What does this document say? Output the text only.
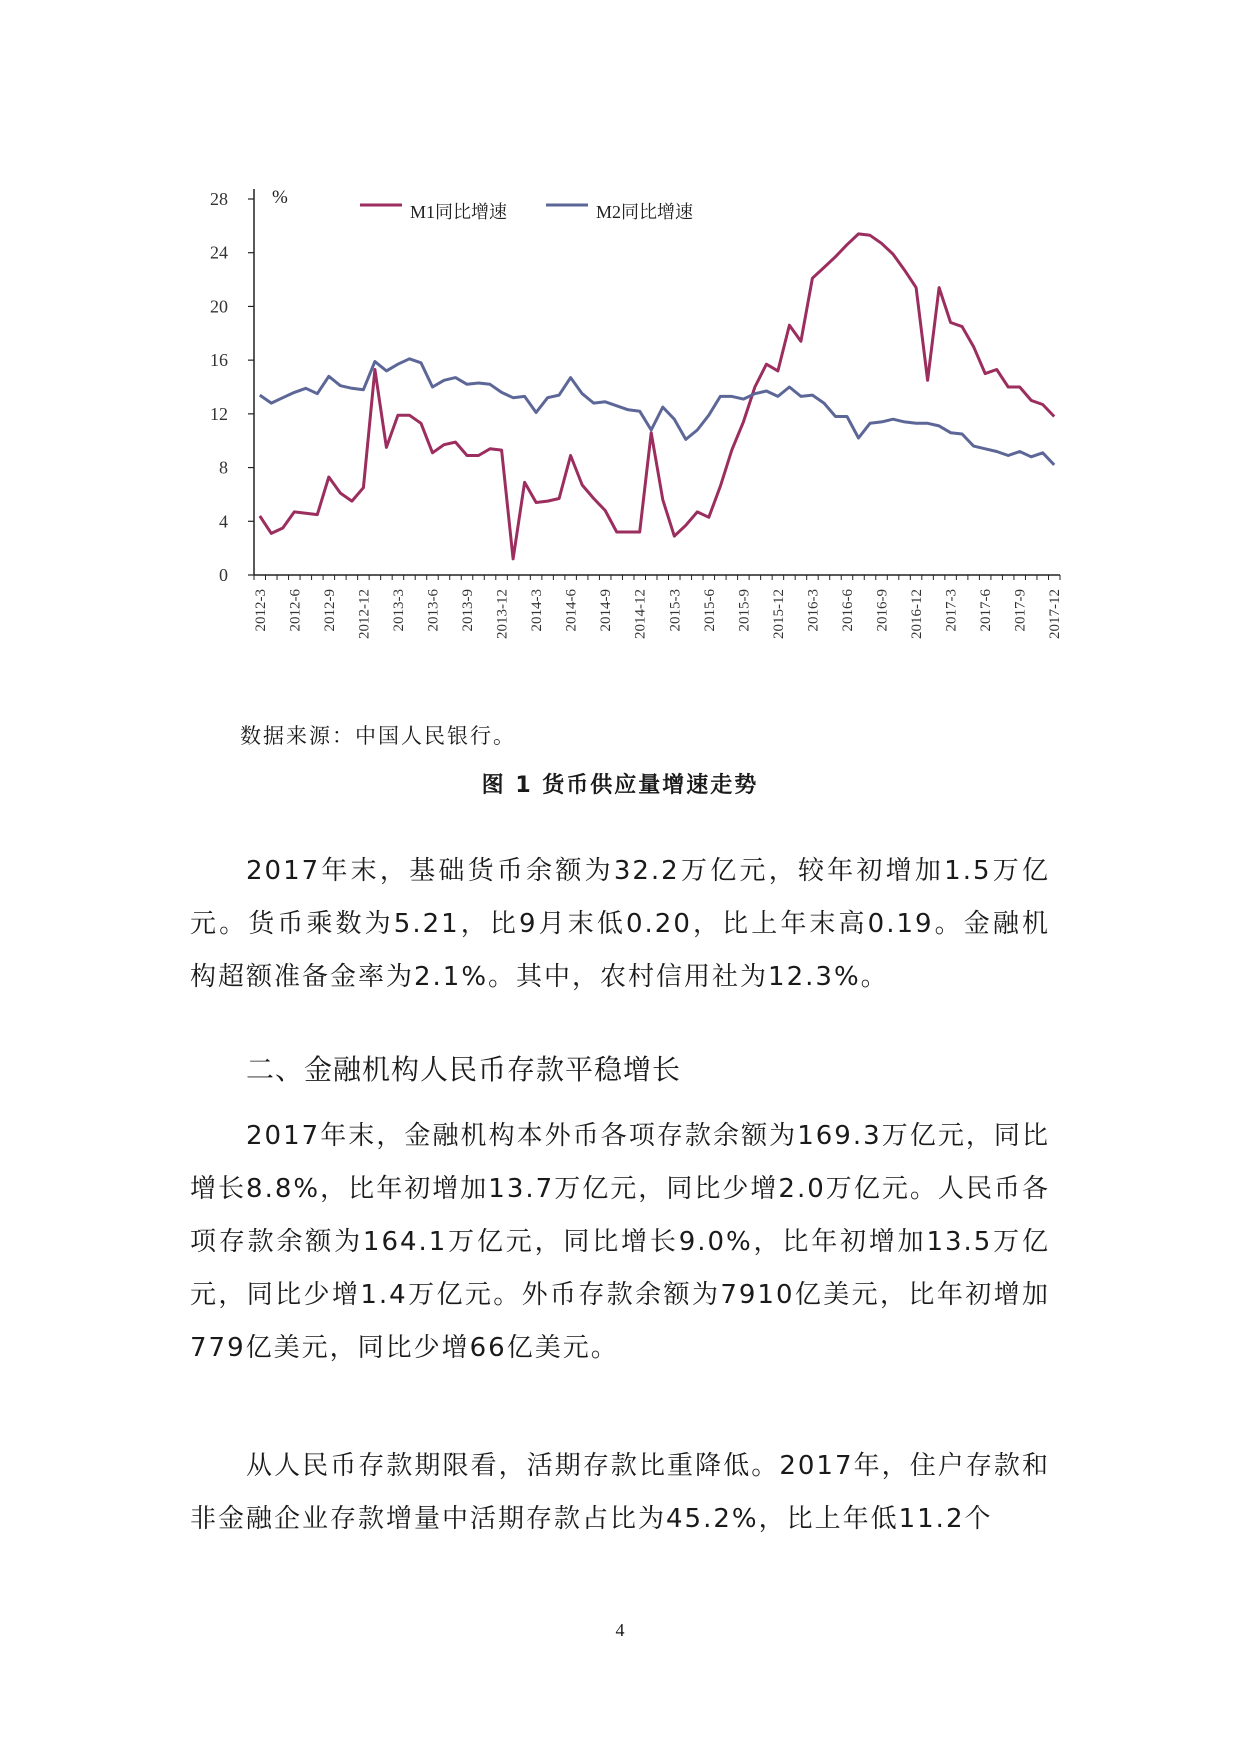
%
0
4
8
12
16
20
24
28
2012-3 2012-6 2012-9 2012-12 2013-3 2013-6 2013-9 2013-12 2014-3 2014-6 2014-9 2014-12 2015-3 2015-6 2015-9 2015-12 2016-3 2016-6 2016-9 2016-12 2017-3 2017-6 2017-9 2017-12
M1同比增速	M2同比增速
数据来源：中国人民银行。
图 1 货币供应量增速走势
2017年末，基础货币余额为32.2万亿元，较年初增加1.5万亿元。货币乘数为5.21，比9月末低0.20，比上年末高0.19。金融机构超额准备金率为2.1%。其中，农村信用社为12.3%。
二、金融机构人民币存款平稳增长
2017年末，金融机构本外币各项存款余额为169.3万亿元，同比增长8.8%，比年初增加13.7万亿元，同比少增2.0万亿元。人民币各项存款余额为164.1万亿元，同比增长9.0%，比年初增加13.5万亿元，同比少增1.4万亿元。外币存款余额为7910亿美元，比年初增加779亿美元，同比少增66亿美元。
从人民币存款期限看，活期存款比重降低。2017年，住户存款和非金融企业存款增量中活期存款占比为45.2%，比上年低11.2个
4
